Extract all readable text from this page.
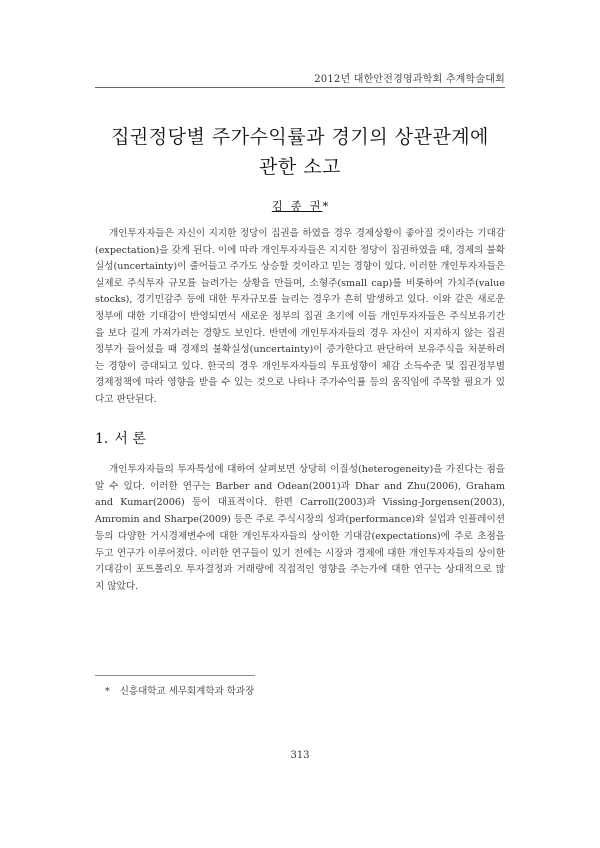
2012년 대한안전경영과학회 추계학술대회
집권정당별 주가수익률과 경기의 상관관계에
관한 소고
김 종 권*

개인투자자들은 자신이 지지한 정당이 집권을 하였을 경우 경제상황이 좋아질 것이라는 기대감(expectation)을 갖게 된다. 이에 따라 개인투자자들은 지지한 정당이 집권하였을 때, 경제의 불확실성(uncertainty)이 줄어들고 주가도 상승할 것이라고 믿는 경향이 있다. 이러한 개인투자자들은 실제로 주식투자 규모를 늘려가는 상황을 만들며, 소형주(small cap)를 비롯하여 가치주(value stocks), 경기민감주 등에 대한 투자규모를 늘리는 경우가 흔히 발생하고 있다. 이와 같은 새로운 정부에 대한 기대감이 반영되면서 새로운 정부의 집권 초기에 이들 개인투자자들은 주식보유기간을 보다 길게 가져가려는 경향도 보인다. 반면에 개인투자자들의 경우 자신이 지지하지 않는 집권정부가 들어섰을 때 경제의 불확실성(uncertainty)이 증가한다고 판단하여 보유주식을 처분하려는 경향이 증대되고 있다. 한국의 경우 개인투자자들의 투표성향이 체감 소득수준 및 집권정부별 경제정책에 따라 영향을 받을 수 있는 것으로 나타나 주가수익률 등의 움직임에 주목할 필요가 있다고 판단된다.

1. 서 론

개인투자자들의 투자특성에 대하여 살펴보면 상당히 이질성(heterogeneity)을 가진다는 점을 알 수 있다. 이러한 연구는 Barber and Odean(2001)과 Dhar and Zhu(2006), Graham and Kumar(2006) 등이 대표적이다. 한편 Carroll(2003)과 Vissing-Jorgensen(2003), Amromin and Sharpe(2009) 등은 주로 주식시장의 성과(performance)와 실업과 인플레이션 등의 다양한 거시경제변수에 대한 개인투자자들의 상이한 기대감(expectations)에 주로 초점을 두고 연구가 이루어졌다. 이러한 연구들이 있기 전에는 시장과 경제에 대한 개인투자자들의 상이한 기대감이 포트폴리오 투자결정과 거래량에 직접적인 영향을 주는가에 대한 연구는 상대적으로 많지 않았다.

* 신흥대학교 세무회계학과 학과장
313
